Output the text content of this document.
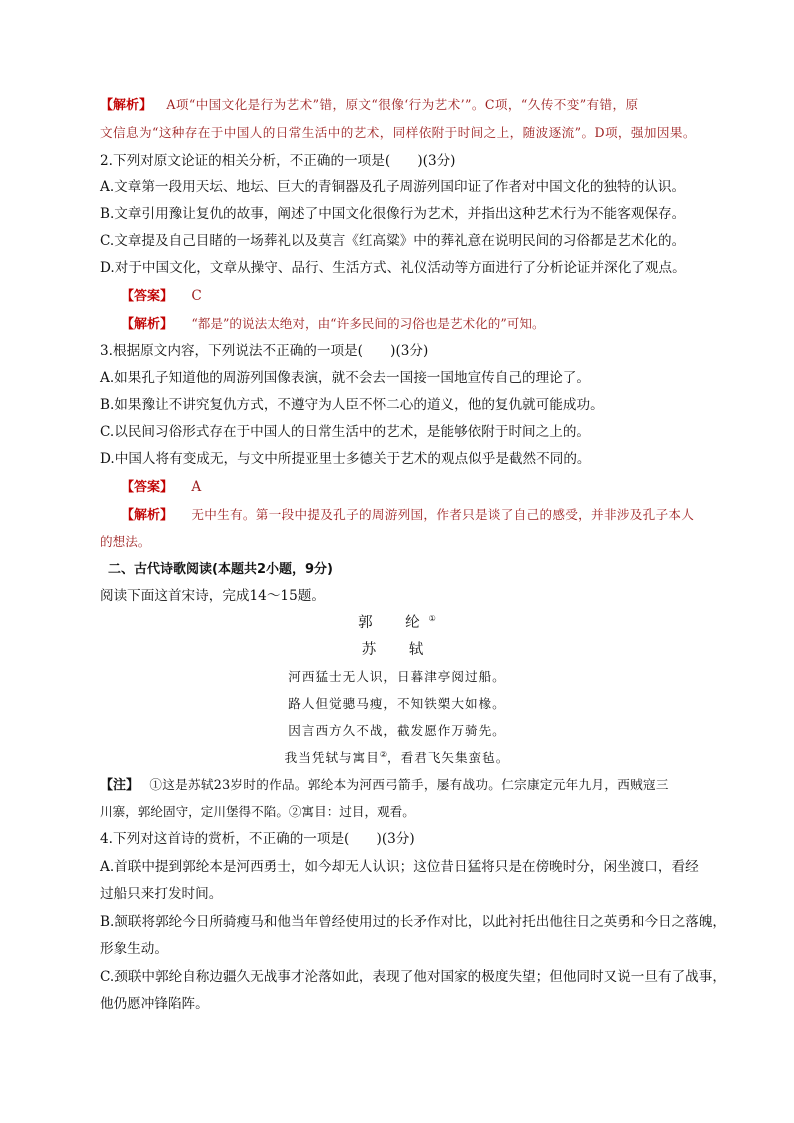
【解析】 A项“中国文化是行为艺术”错，原文“很像‘行为艺术’”。C项，“久传不变”有错，原
文信息为“这种存在于中国人的日常生活中的艺术，同样依附于时间之上，随波逐流”。D项，强加因果。
2.下列对原文论证的相关分析，不正确的一项是(　　)(3分)
A.文章第一段用天坛、地坛、巨大的青铜器及孔子周游列国印证了作者对中国文化的独特的认识。
B.文章引用豫让复仇的故事，阐述了中国文化很像行为艺术，并指出这种艺术行为不能客观保存。
C.文章提及自己目睹的一场葬礼以及莫言《红高粱》中的葬礼意在说明民间的习俗都是艺术化的。
D.对于中国文化，文章从操守、品行、生活方式、礼仪活动等方面进行了分析论证并深化了观点。
【答案】 C
【解析】 “都是”的说法太绝对，由“许多民间的习俗也是艺术化的”可知。
3.根据原文内容，下列说法不正确的一项是(　　)(3分)
A.如果孔子知道他的周游列国像表演，就不会去一国接一国地宣传自己的理论了。
B.如果豫让不讲究复仇方式，不遵守为人臣不怀二心的道义，他的复仇就可能成功。
C.以民间习俗形式存在于中国人的日常生活中的艺术，是能够依附于时间之上的。
D.中国人将有变成无，与文中所提亚里士多德关于艺术的观点似乎是截然不同的。
【答案】 A
【解析】 无中生有。第一段中提及孔子的周游列国，作者只是谈了自己的感受，并非涉及孔子本人
的想法。
二、古代诗歌阅读(本题共2小题，9分)
阅读下面这首宋诗，完成14～15题。
郭　纶①
苏　轼
河西猛士无人识，日暮津亭阅过船。
路人但觉骢马瘦，不知铁槊大如椽。
因言西方久不战，截发愿作万骑先。
我当凭轼与寓目②，看君飞矢集蛮毡。
【注】 ①这是苏轼23岁时的作品。郭纶本为河西弓箭手，屡有战功。仁宗康定元年九月，西贼寇三
川寨，郭纶固守，定川堡得不陷。②寓目：过目，观看。
4.下列对这首诗的赏析，不正确的一项是(　　)(3分)
A.首联中提到郭纶本是河西勇士，如今却无人认识；这位昔日猛将只是在傍晚时分，闲坐渡口，看经
过船只来打发时间。
B.颔联将郭纶今日所骑瘦马和他当年曾经使用过的长矛作对比，以此衬托出他往日之英勇和今日之落魄，
形象生动。
C.颈联中郭纶自称边疆久无战事才沦落如此，表现了他对国家的极度失望；但他同时又说一旦有了战事，
他仍愿冲锋陷阵。
